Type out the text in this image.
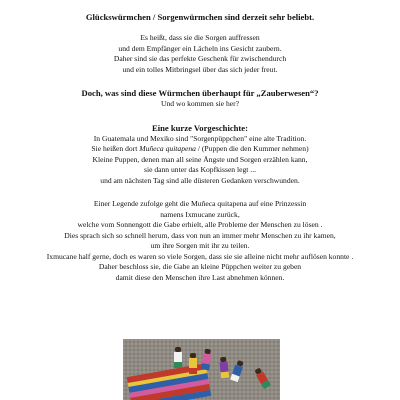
Glückswürmchen / Sorgenwürmchen sind derzeit sehr beliebt.
Es heißt, dass sie die Sorgen auffressen
und dem Empfänger ein Lächeln ins Gesicht zaubern.
Daher sind sie das perfekte Geschenk für zwischendurch
und ein tolles Mitbringsel über das sich jeder freut.
Doch, was sind diese Würmchen überhaupt für „Zauberwesen“?
Und wo kommen sie her?
Eine kurze Vorgeschichte:
In Guatemala und Mexiko sind "Sorgenpüppchen" eine alte Tradition.
Sie heißen dort Muñeca quitapena / (Puppen die den Kummer nehmen)
Kleine Puppen, denen man all seine Ängste und Sorgen erzählen kann,
sie dann unter das Kopfkissen legt ...
und am nächsten Tag sind alle düsteren Gedanken verschwunden.
Einer Legende zufolge geht die Muñeca quitapena auf eine Prinzessin
namens Ixmucane zurück,
welche vom Sonnengott die Gabe erhielt, alle Probleme der Menschen zu lösen .
Dies sprach sich so schnell herum, dass von nun an immer mehr Menschen zu ihr kamen,
um ihre Sorgen mit ihr zu teilen.
Ixmucane half gerne, doch es waren so viele Sorgen, dass sie sie alleine nicht mehr auflösen konnte .
Daher beschloss sie, die Gabe an kleine Püppchen weiter zu geben
damit diese den Menschen ihre Last abnehmen können.
